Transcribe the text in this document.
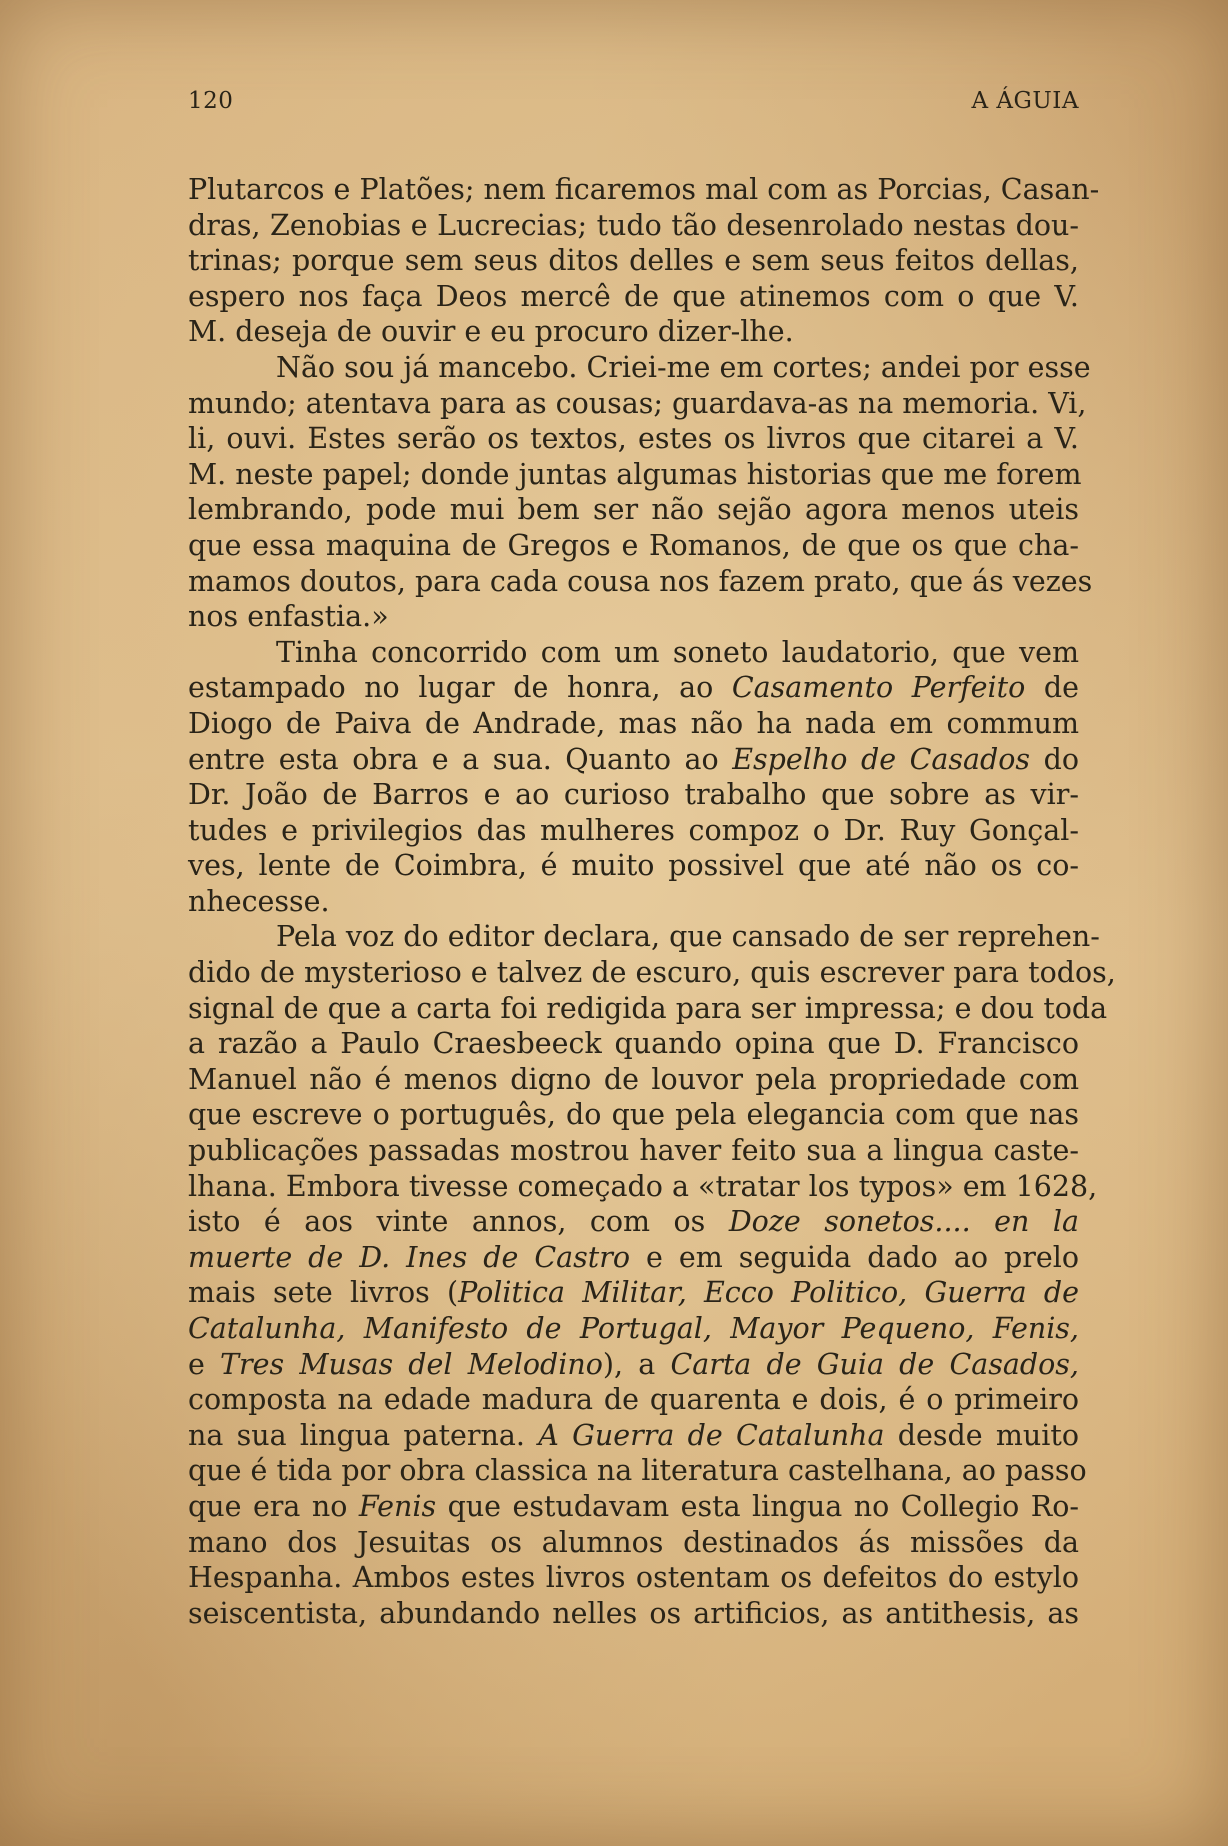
120	A ÁGUIA

Plutarcos e Platões; nem ficaremos mal com as Porcias, Casan-
dras, Zenobias e Lucrecias; tudo tão desenrolado nestas dou-
trinas; porque sem seus ditos delles e sem seus feitos dellas,
espero nos faça Deos mercê de que atinemos com o que V.
M. deseja de ouvir e eu procuro dizer-lhe.

Não sou já mancebo. Criei-me em cortes; andei por esse
mundo; atentava para as cousas; guardava-as na memoria. Vi,
li, ouvi. Estes serão os textos, estes os livros que citarei a V.
M. neste papel; donde juntas algumas historias que me forem
lembrando, pode mui bem ser não sejão agora menos uteis
que essa maquina de Gregos e Romanos, de que os que cha-
mamos doutos, para cada cousa nos fazem prato, que ás vezes
nos enfastia.»

Tinha concorrido com um soneto laudatorio, que vem
estampado no lugar de honra, ao Casamento Perfeito de
Diogo de Paiva de Andrade, mas não ha nada em commum
entre esta obra e a sua. Quanto ao Espelho de Casados do
Dr. João de Barros e ao curioso trabalho que sobre as vir-
tudes e privilegios das mulheres compoz o Dr. Ruy Gonçal-
ves, lente de Coimbra, é muito possivel que até não os co-
nhecesse.

Pela voz do editor declara, que cansado de ser reprehen-
dido de mysterioso e talvez de escuro, quis escrever para todos,
signal de que a carta foi redigida para ser impressa; e dou toda
a razão a Paulo Craesbeeck quando opina que D. Francisco
Manuel não é menos digno de louvor pela propriedade com
que escreve o português, do que pela elegancia com que nas
publicações passadas mostrou haver feito sua a lingua caste-
lhana. Embora tivesse começado a «tratar los typos» em 1628,
isto é aos vinte annos, com os Doze sonetos.... en la
muerte de D. Ines de Castro e em seguida dado ao prelo
mais sete livros (Politica Militar, Ecco Politico, Guerra de
Catalunha, Manifesto de Portugal, Mayor Pequeno, Fenis,
e Tres Musas del Melodino), a Carta de Guia de Casados,
composta na edade madura de quarenta e dois, é o primeiro
na sua lingua paterna. A Guerra de Catalunha desde muito
que é tida por obra classica na literatura castelhana, ao passo
que era no Fenis que estudavam esta lingua no Collegio Ro-
mano dos Jesuitas os alumnos destinados ás missões da
Hespanha. Ambos estes livros ostentam os defeitos do estylo
seiscentista, abundando nelles os artificios, as antithesis, as
